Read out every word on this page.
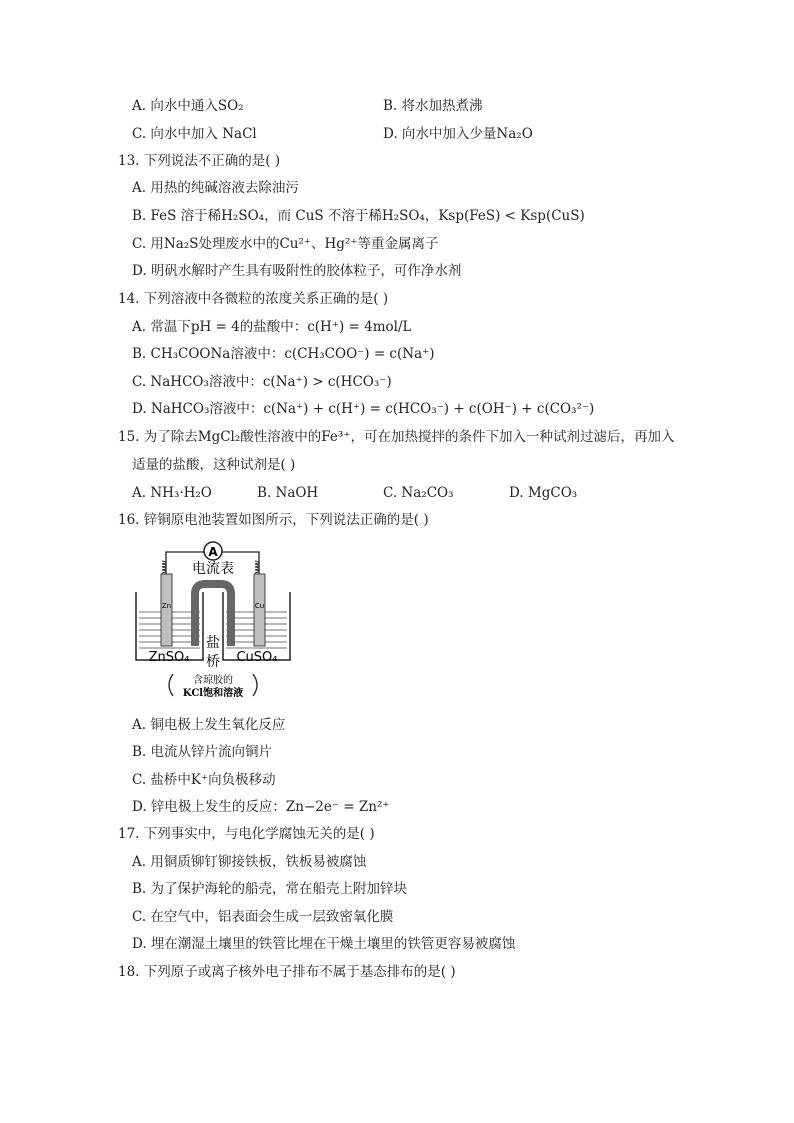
A. 向水中通入SO₂	B. 将水加热煮沸
C. 向水中加入 NaCl	D. 向水中加入少量Na₂O
13. 下列说法不正确的是( )
A. 用热的纯碱溶液去除油污
B. FeS 溶于稀H₂SO₄，而 CuS 不溶于稀H₂SO₄，Ksp(FeS) < Ksp(CuS)
C. 用Na₂S处理废水中的Cu²⁺、Hg²⁺等重金属离子
D. 明矾水解时产生具有吸附性的胶体粒子，可作净水剂
14. 下列溶液中各微粒的浓度关系正确的是( )
A. 常温下pH = 4的盐酸中：c(H⁺) = 4mol/L
B. CH₃COONa溶液中：c(CH₃COO⁻) = c(Na⁺)
C. NaHCO₃溶液中：c(Na⁺) > c(HCO₃⁻)
D. NaHCO₃溶液中：c(Na⁺) + c(H⁺) = c(HCO₃⁻) + c(OH⁻) + c(CO₃²⁻)
15. 为了除去MgCl₂酸性溶液中的Fe³⁺，可在加热搅拌的条件下加入一种试剂过滤后，再加入
适量的盐酸，这种试剂是( )
A. NH₃·H₂O	B. NaOH	C. Na₂CO₃	D. MgCO₃
16. 锌铜原电池装置如图所示，下列说法正确的是( )
A
电流表
Zn	Cu
盐
桥
ZnSO₄	CuSO₄
含琼胶的
KCl饱和溶液
A. 铜电极上发生氧化反应
B. 电流从锌片流向铜片
C. 盐桥中K⁺向负极移动
D. 锌电极上发生的反应：Zn−2e⁻ = Zn²⁺
17. 下列事实中，与电化学腐蚀无关的是( )
A. 用铜质铆钉铆接铁板，铁板易被腐蚀
B. 为了保护海轮的船壳，常在船壳上附加锌块
C. 在空气中，铝表面会生成一层致密氧化膜
D. 埋在潮湿土壤里的铁管比埋在干燥土壤里的铁管更容易被腐蚀
18. 下列原子或离子核外电子排布不属于基态排布的是( )
